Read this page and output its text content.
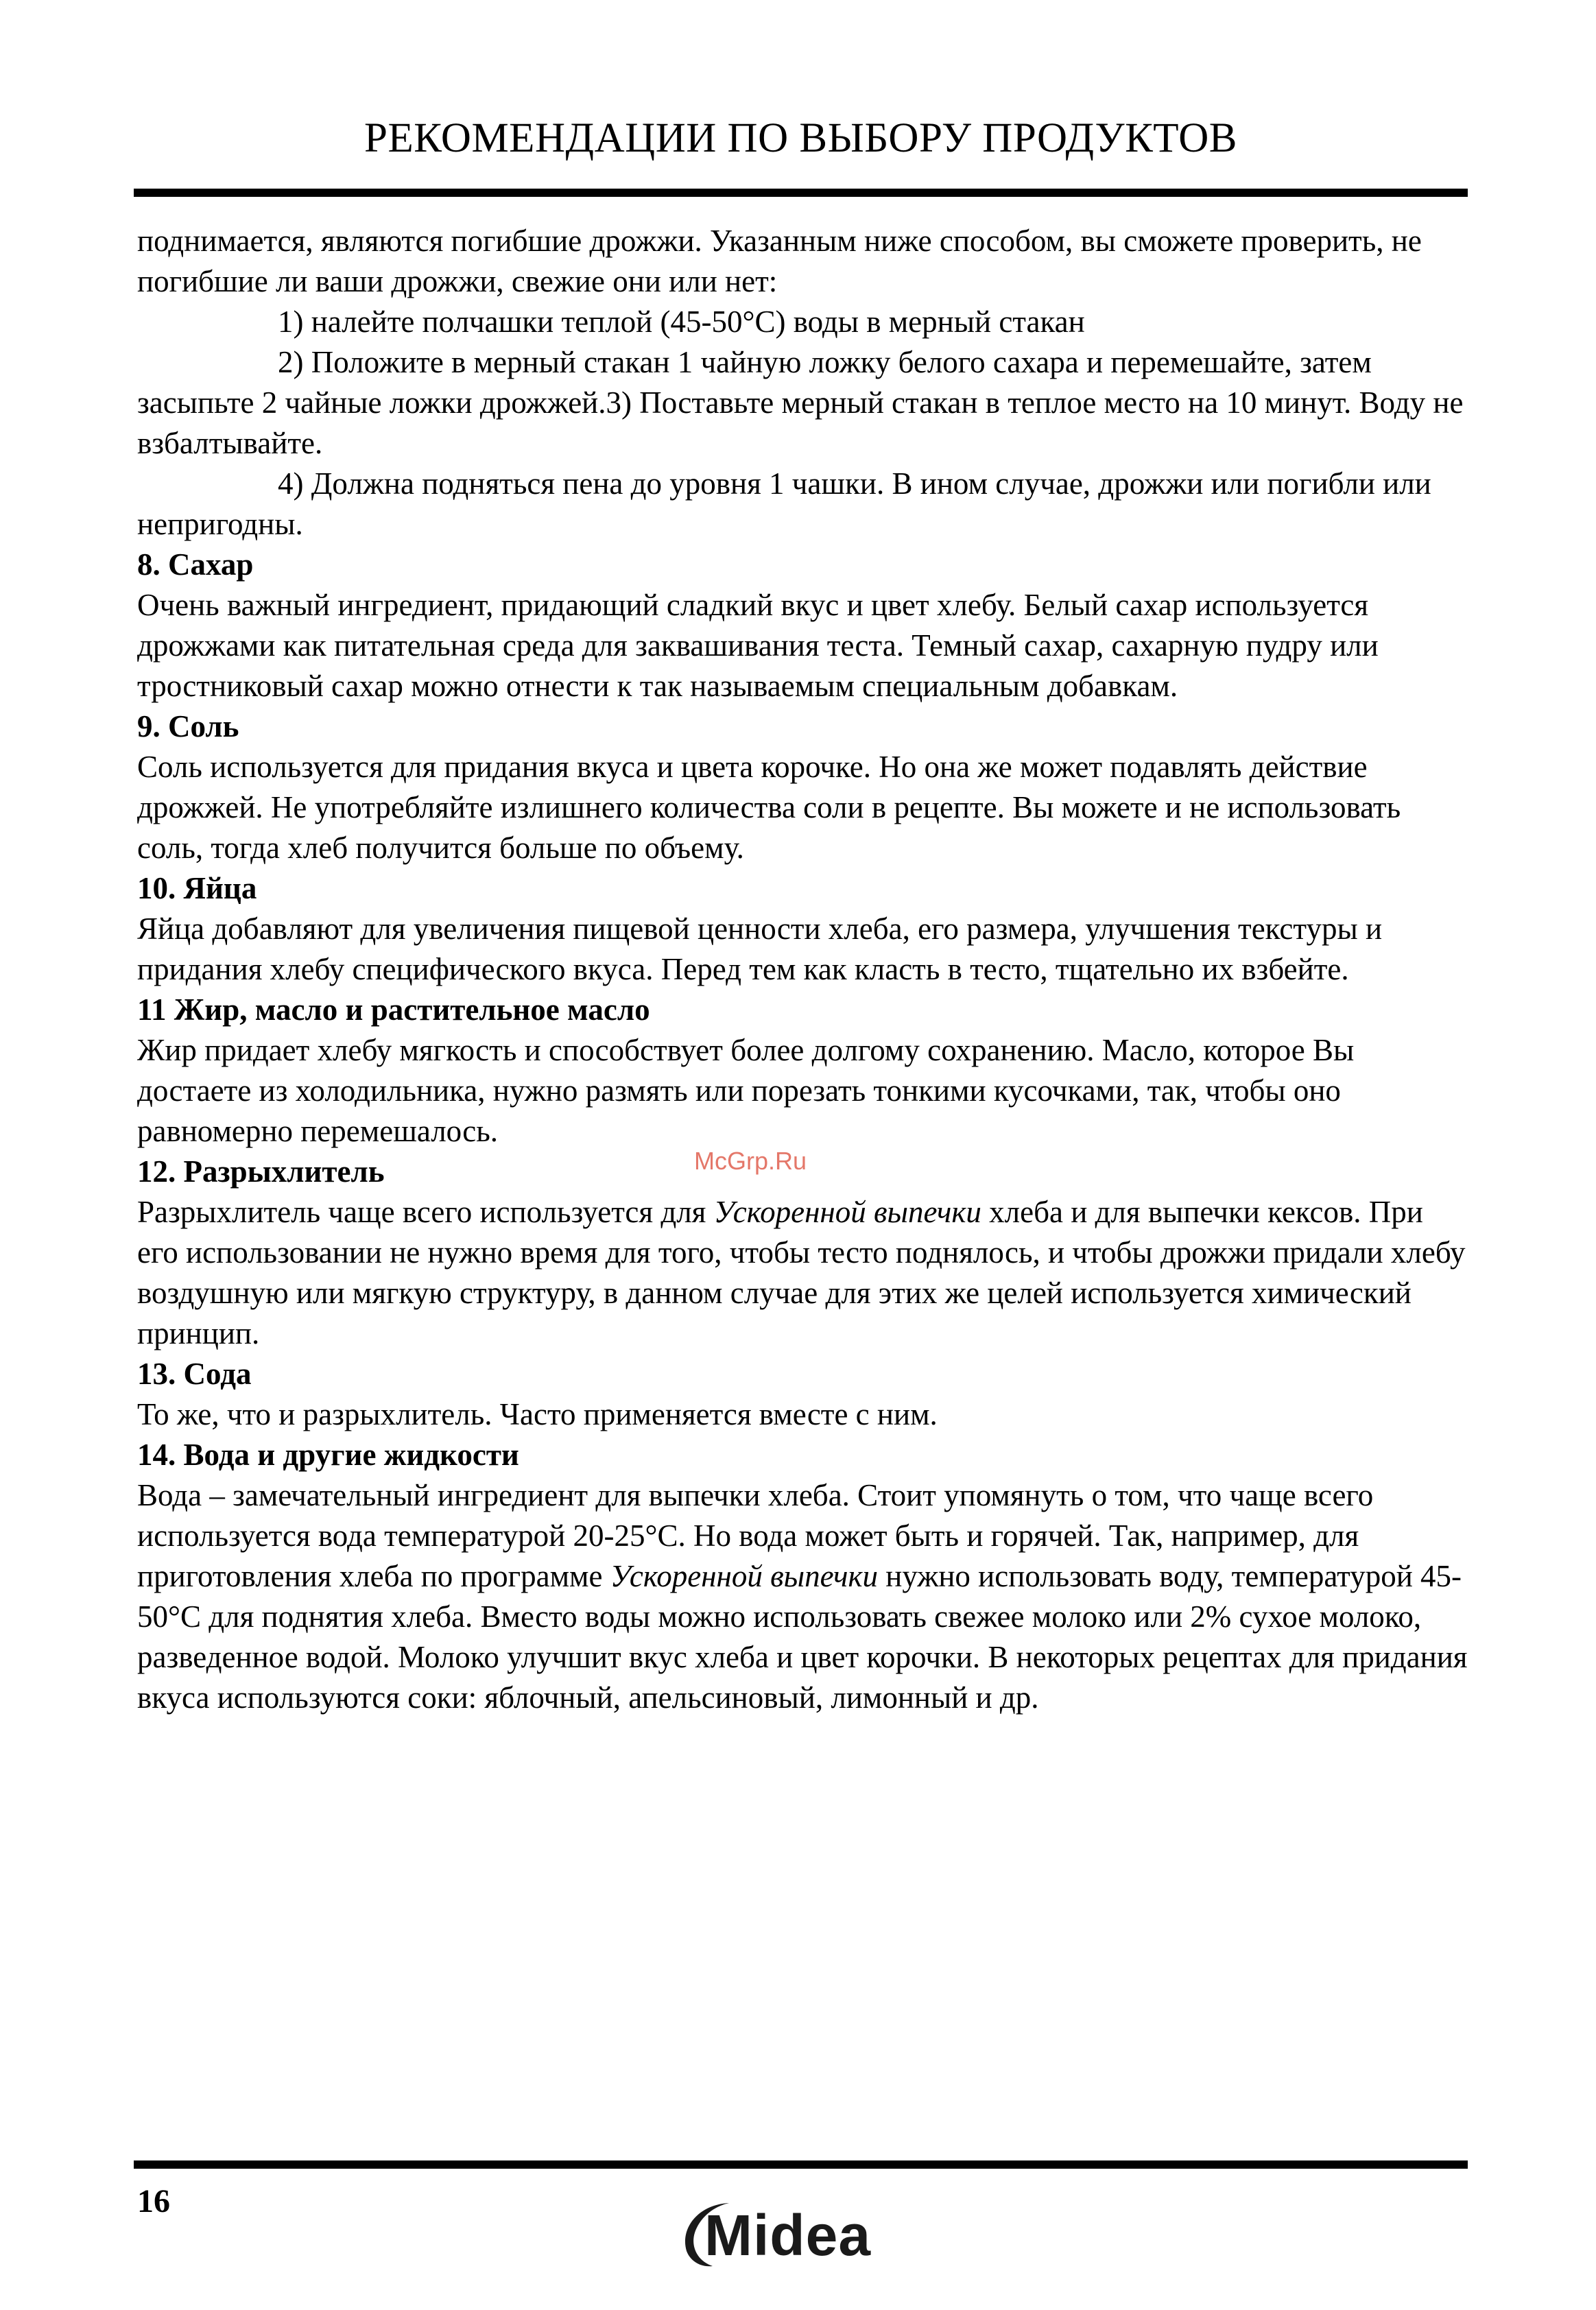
РЕКОМЕНДАЦИИ ПО ВЫБОРУ ПРОДУКТОВ

поднимается, являются погибшие дрожжи. Указанным ниже способом, вы сможете проверить, не погибшие ли ваши дрожжи, свежие они или нет:

1) налейте полчашки теплой (45-50°С) воды в мерный стакан

2) Положите в мерный стакан 1 чайную ложку белого сахара и перемешайте, затем засыпьте 2 чайные ложки дрожжей.3) Поставьте мерный стакан в теплое место на 10 минут. Воду не взбалтывайте.

4) Должна подняться пена до уровня 1 чашки. В ином случае, дрожжи или погибли или непригодны.

8. Сахар

Очень важный ингредиент, придающий сладкий вкус и цвет хлебу. Белый сахар используется дрожжами как питательная среда для заквашивания теста. Темный сахар, сахарную пудру или тростниковый сахар можно отнести к так называемым специальным добавкам.

9. Соль

Соль используется для придания вкуса и цвета корочке. Но она же может подавлять действие дрожжей. Не употребляйте излишнего количества соли в рецепте. Вы можете и не использовать соль, тогда хлеб получится больше по объему.

10. Яйца

Яйца добавляют для увеличения пищевой ценности хлеба, его размера, улучшения текстуры и придания хлебу специфического вкуса. Перед тем как класть в тесто, тщательно их взбейте.

11 Жир, масло и растительное масло

Жир придает хлебу мягкость и способствует более долгому сохранению. Масло, которое Вы достаете из холодильника, нужно размять или порезать тонкими кусочками, так, чтобы оно равномерно перемешалось.

12. Разрыхлитель

Разрыхлитель чаще всего используется для Ускоренной выпечки хлеба и для выпечки кексов. При его использовании не нужно время для того, чтобы тесто поднялось, и чтобы дрожжи придали хлебу воздушную или мягкую структуру, в данном случае для этих же целей используется химический принцип.

13. Сода

То же, что и разрыхлитель. Часто применяется вместе с ним.

14. Вода и другие жидкости

Вода – замечательный ингредиент для выпечки хлеба. Стоит упомянуть о том, что чаще всего используется вода температурой 20-25°С. Но вода может быть и горячей. Так, например, для приготовления хлеба по программе Ускоренной выпечки нужно использовать воду, температурой 45-50°С для поднятия хлеба. Вместо воды можно использовать свежее молоко или 2% сухое молоко, разведенное водой. Молоко улучшит вкус хлеба и цвет корочки. В некоторых рецептах для придания вкуса используются соки: яблочный, апельсиновый, лимонный и др.

McGrp.Ru
16
Midea
